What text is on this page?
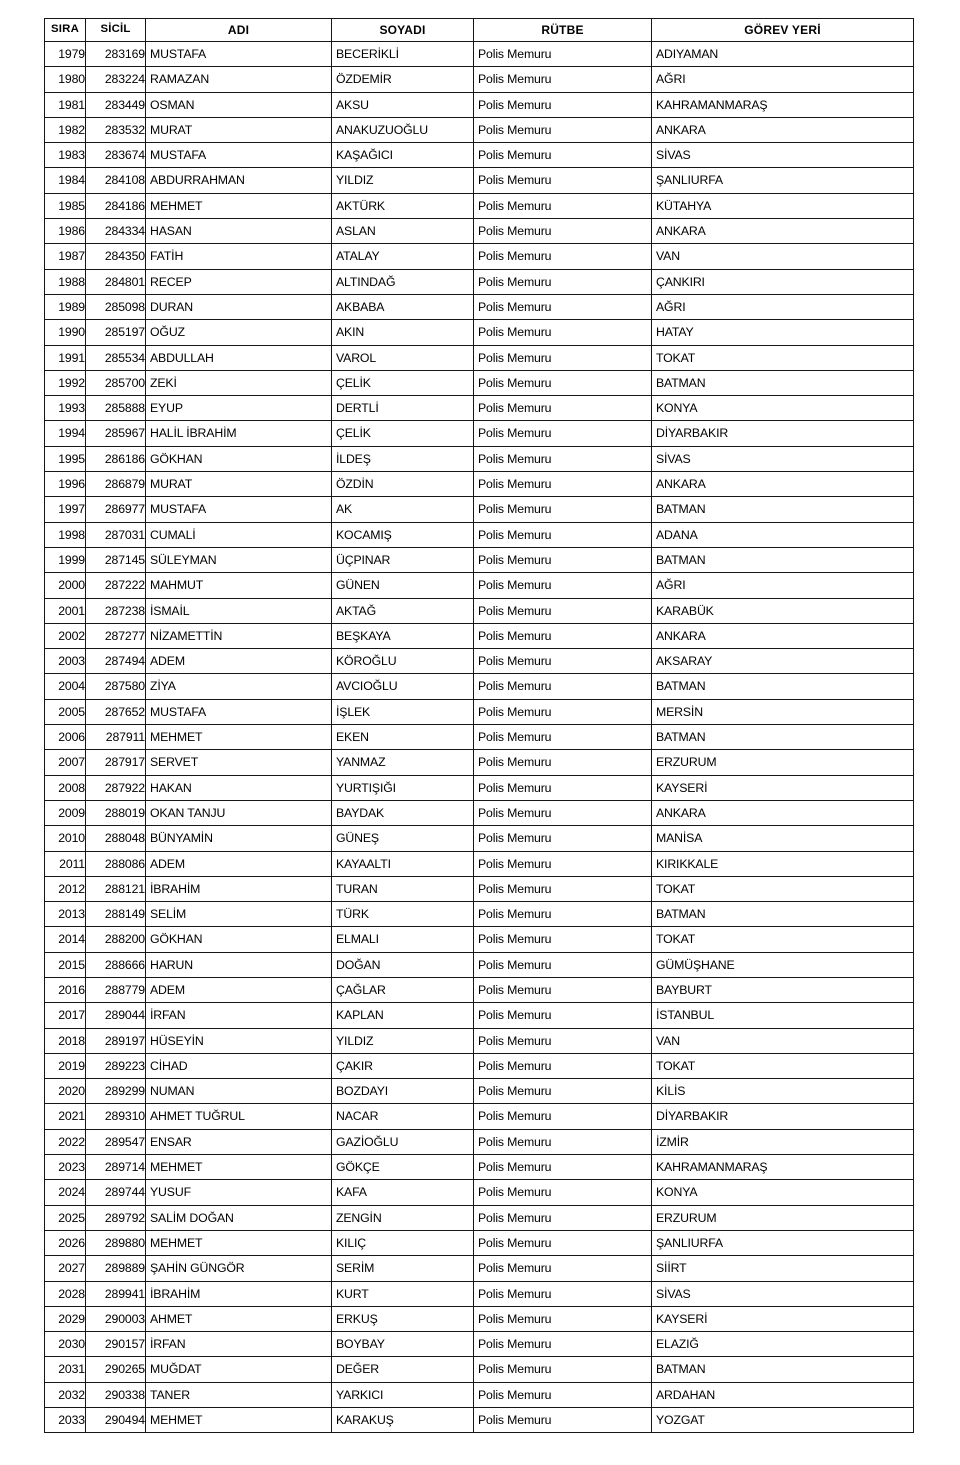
SIRA	SİCİL	ADI	SOYADI	RÜTBE	GÖREV YERİ
1979	283169	MUSTAFA	BECERİKLİ	Polis Memuru	ADIYAMAN
1980	283224	RAMAZAN	ÖZDEMİR	Polis Memuru	AĞRI
1981	283449	OSMAN	AKSU	Polis Memuru	KAHRAMANMARAŞ
1982	283532	MURAT	ANAKUZUOĞLU	Polis Memuru	ANKARA
1983	283674	MUSTAFA	KAŞAĞICI	Polis Memuru	SİVAS
1984	284108	ABDURRAHMAN	YILDIZ	Polis Memuru	ŞANLIURFA
1985	284186	MEHMET	AKTÜRK	Polis Memuru	KÜTAHYA
1986	284334	HASAN	ASLAN	Polis Memuru	ANKARA
1987	284350	FATİH	ATALAY	Polis Memuru	VAN
1988	284801	RECEP	ALTINDAĞ	Polis Memuru	ÇANKIRI
1989	285098	DURAN	AKBABA	Polis Memuru	AĞRI
1990	285197	OĞUZ	AKIN	Polis Memuru	HATAY
1991	285534	ABDULLAH	VAROL	Polis Memuru	TOKAT
1992	285700	ZEKİ	ÇELİK	Polis Memuru	BATMAN
1993	285888	EYUP	DERTLİ	Polis Memuru	KONYA
1994	285967	HALİL İBRAHİM	ÇELİK	Polis Memuru	DİYARBAKIR
1995	286186	GÖKHAN	İLDEŞ	Polis Memuru	SİVAS
1996	286879	MURAT	ÖZDİN	Polis Memuru	ANKARA
1997	286977	MUSTAFA	AK	Polis Memuru	BATMAN
1998	287031	CUMALİ	KOCAMIŞ	Polis Memuru	ADANA
1999	287145	SÜLEYMAN	ÜÇPINAR	Polis Memuru	BATMAN
2000	287222	MAHMUT	GÜNEN	Polis Memuru	AĞRI
2001	287238	İSMAİL	AKTAĞ	Polis Memuru	KARABÜK
2002	287277	NİZAMETTİN	BEŞKAYA	Polis Memuru	ANKARA
2003	287494	ADEM	KÖROĞLU	Polis Memuru	AKSARAY
2004	287580	ZİYA	AVCIOĞLU	Polis Memuru	BATMAN
2005	287652	MUSTAFA	İŞLEK	Polis Memuru	MERSİN
2006	287911	MEHMET	EKEN	Polis Memuru	BATMAN
2007	287917	SERVET	YANMAZ	Polis Memuru	ERZURUM
2008	287922	HAKAN	YURTIŞIĞI	Polis Memuru	KAYSERİ
2009	288019	OKAN TANJU	BAYDAK	Polis Memuru	ANKARA
2010	288048	BÜNYAMİN	GÜNEŞ	Polis Memuru	MANİSA
2011	288086	ADEM	KAYAALTI	Polis Memuru	KIRIKKALE
2012	288121	İBRAHİM	TURAN	Polis Memuru	TOKAT
2013	288149	SELİM	TÜRK	Polis Memuru	BATMAN
2014	288200	GÖKHAN	ELMALI	Polis Memuru	TOKAT
2015	288666	HARUN	DOĞAN	Polis Memuru	GÜMÜŞHANE
2016	288779	ADEM	ÇAĞLAR	Polis Memuru	BAYBURT
2017	289044	İRFAN	KAPLAN	Polis Memuru	İSTANBUL
2018	289197	HÜSEYİN	YILDIZ	Polis Memuru	VAN
2019	289223	CİHAD	ÇAKIR	Polis Memuru	TOKAT
2020	289299	NUMAN	BOZDAYI	Polis Memuru	KİLİS
2021	289310	AHMET TUĞRUL	NACAR	Polis Memuru	DİYARBAKIR
2022	289547	ENSAR	GAZİOĞLU	Polis Memuru	İZMİR
2023	289714	MEHMET	GÖKÇE	Polis Memuru	KAHRAMANMARAŞ
2024	289744	YUSUF	KAFA	Polis Memuru	KONYA
2025	289792	SALİM DOĞAN	ZENGİN	Polis Memuru	ERZURUM
2026	289880	MEHMET	KILIÇ	Polis Memuru	ŞANLIURFA
2027	289889	ŞAHİN GÜNGÖR	SERİM	Polis Memuru	SİİRT
2028	289941	İBRAHİM	KURT	Polis Memuru	SİVAS
2029	290003	AHMET	ERKUŞ	Polis Memuru	KAYSERİ
2030	290157	İRFAN	BOYBAY	Polis Memuru	ELAZIĞ
2031	290265	MUĞDAT	DEĞER	Polis Memuru	BATMAN
2032	290338	TANER	YARKICI	Polis Memuru	ARDAHAN
2033	290494	MEHMET	KARAKUŞ	Polis Memuru	YOZGAT
